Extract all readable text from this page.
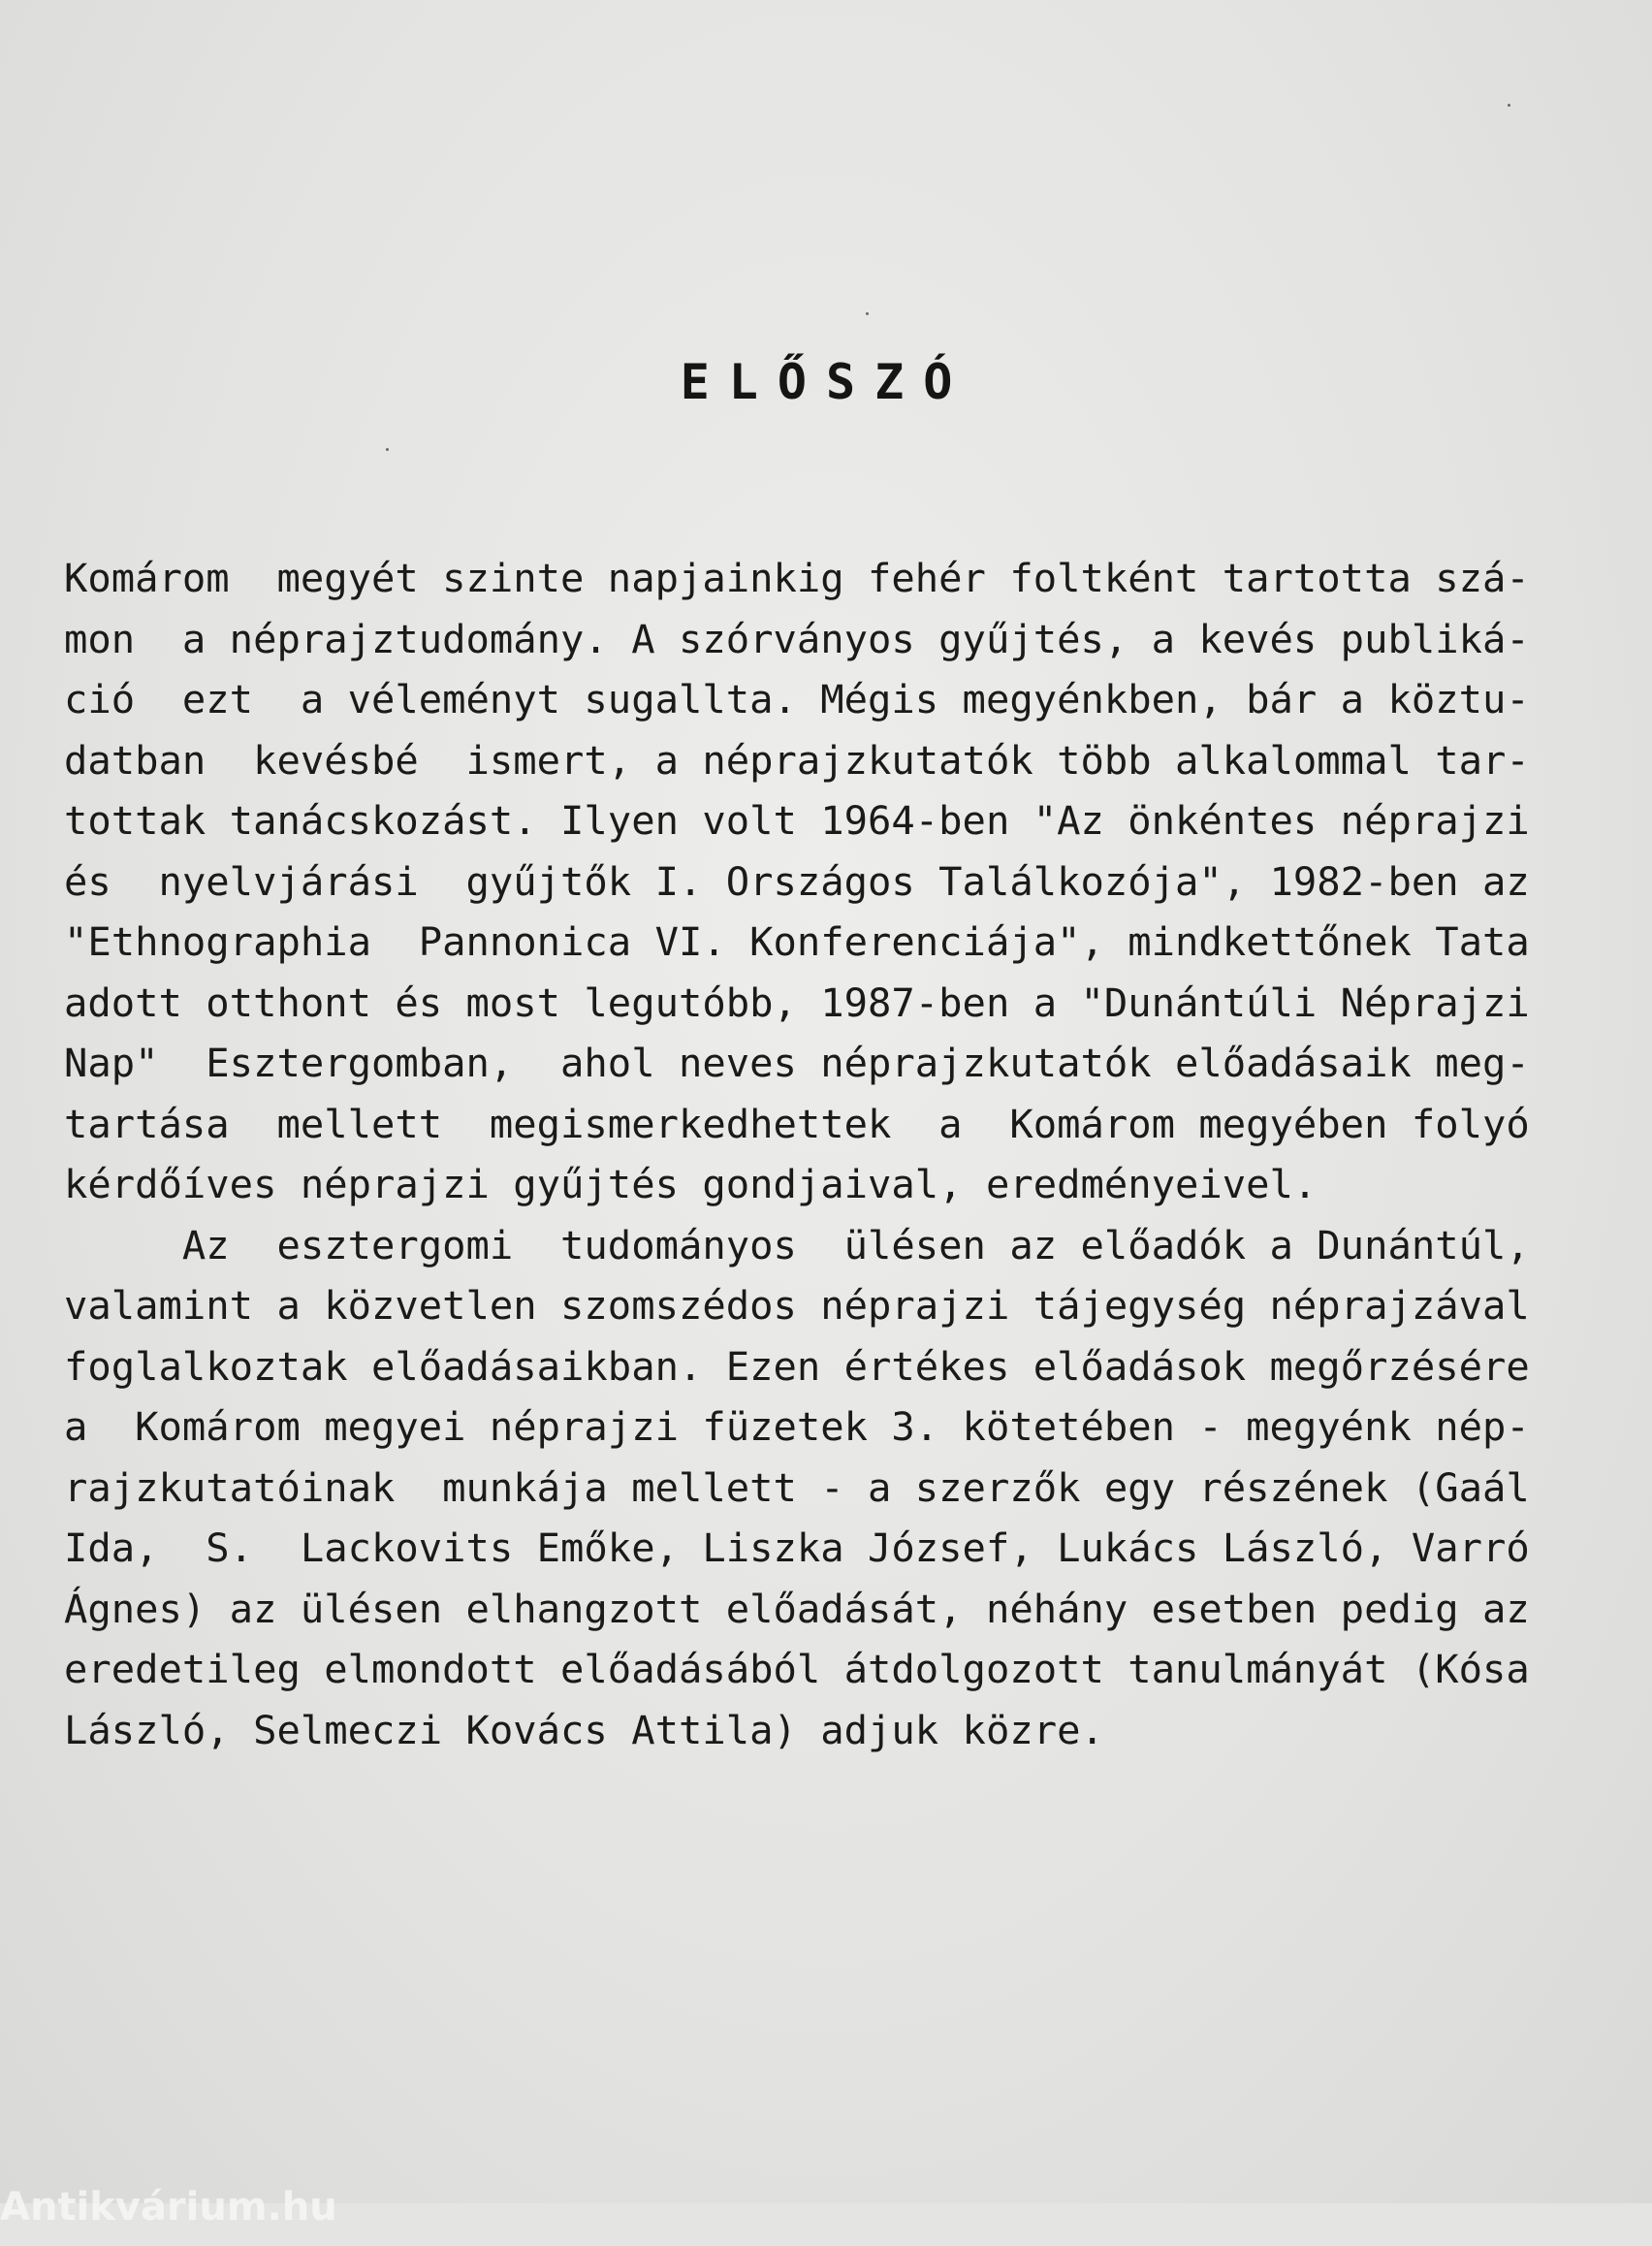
ELŐSZÓ
Komárom  megyét szinte napjainkig fehér foltként tartotta szá-
mon  a néprajztudomány. A szórványos gyűjtés, a kevés publiká-
ció  ezt  a véleményt sugallta. Mégis megyénkben, bár a köztu-
datban  kevésbé  ismert, a néprajzkutatók több alkalommal tar-
tottak tanácskozást. Ilyen volt 1964-ben "Az önkéntes néprajzi
és  nyelvjárási  gyűjtők I. Országos Találkozója", 1982-ben az
"Ethnographia  Pannonica VI. Konferenciája", mindkettőnek Tata
adott otthont és most legutóbb, 1987-ben a "Dunántúli Néprajzi
Nap"  Esztergomban,  ahol neves néprajzkutatók előadásaik meg-
tartása  mellett  megismerkedhettek  a  Komárom megyében folyó
kérdőíves néprajzi gyűjtés gondjaival, eredményeivel.
Az  esztergomi  tudományos  ülésen az előadók a Dunántúl,
valamint a közvetlen szomszédos néprajzi tájegység néprajzával
foglalkoztak előadásaikban. Ezen értékes előadások megőrzésére
a  Komárom megyei néprajzi füzetek 3. kötetében - megyénk nép-
rajzkutatóinak  munkája mellett - a szerzők egy részének (Gaál
Ida,  S.  Lackovits Emőke, Liszka József, Lukács László, Varró
Ágnes) az ülésen elhangzott előadását, néhány esetben pedig az
eredetileg elmondott előadásából átdolgozott tanulmányát (Kósa
László, Selmeczi Kovács Attila) adjuk közre.
Antikvárium.hu
